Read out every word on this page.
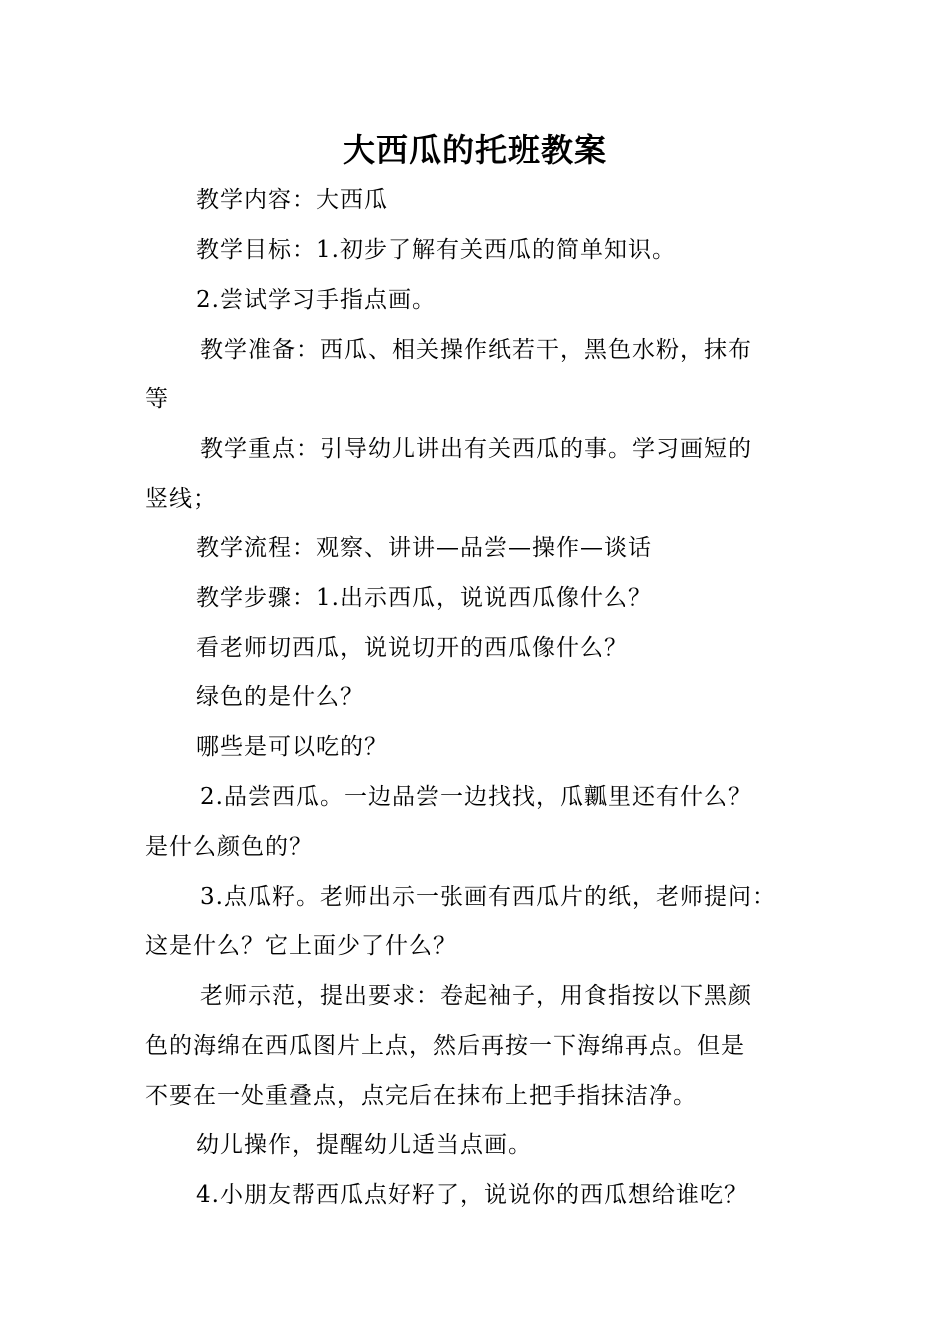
大西瓜的托班教案
教学内容：大西瓜
教学目标：1.初步了解有关西瓜的简单知识。
2.尝试学习手指点画。
教学准备：西瓜、相关操作纸若干，黑色水粉，抹布
等
教学重点：引导幼儿讲出有关西瓜的事。学习画短的
竖线；
教学流程：观察、讲讲—品尝—操作—谈话
教学步骤：1.出示西瓜，说说西瓜像什么？
看老师切西瓜，说说切开的西瓜像什么？
绿色的是什么？
哪些是可以吃的？
2.品尝西瓜。一边品尝一边找找，瓜瓤里还有什么？
是什么颜色的？
3.点瓜籽。老师出示一张画有西瓜片的纸，老师提问：
这是什么？它上面少了什么？
老师示范，提出要求：卷起袖子，用食指按以下黑颜
色的海绵在西瓜图片上点，然后再按一下海绵再点。但是
不要在一处重叠点，点完后在抹布上把手指抹洁净。
幼儿操作，提醒幼儿适当点画。
4.小朋友帮西瓜点好籽了，说说你的西瓜想给谁吃？
